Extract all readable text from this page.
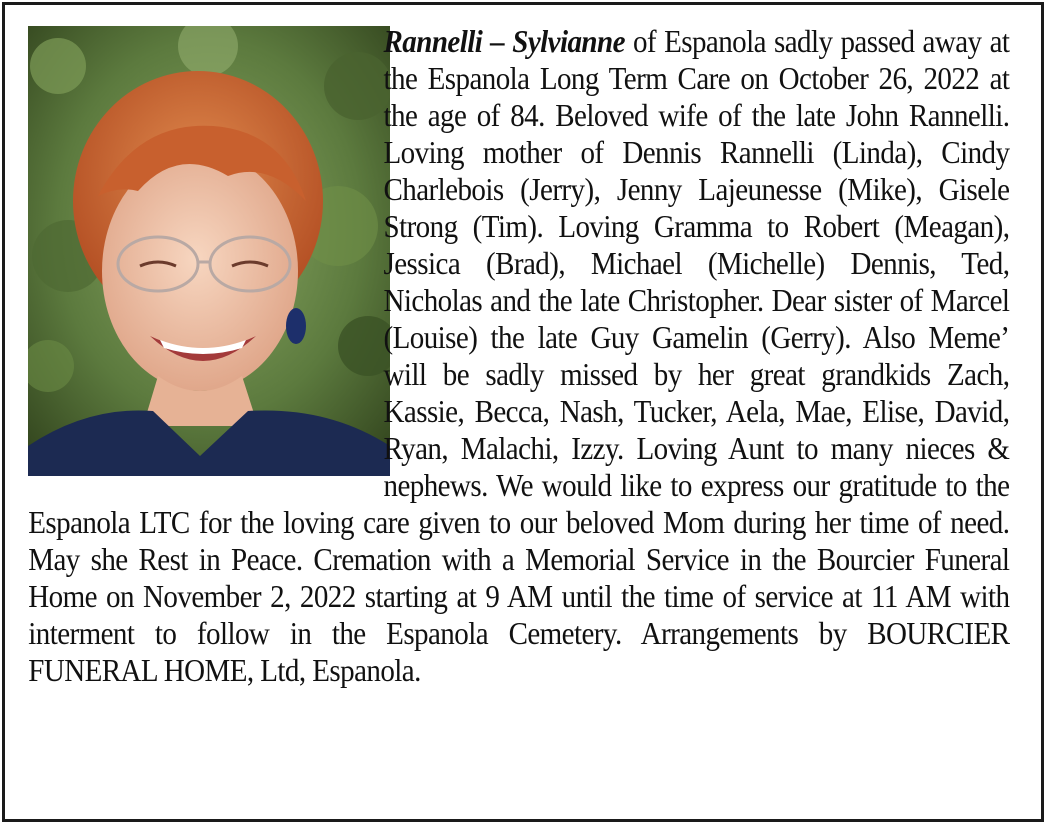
Rannelli – Sylvianne of Espanola sadly passed away at the Espanola Long Term Care on October 26, 2022 at the age of 84. Beloved wife of the late John Rannelli. Loving mother of Dennis Rannelli (Linda), Cindy Charlebois (Jerry), Jenny Lajeunesse (Mike), Gisele Strong (Tim). Loving Gramma to Robert (Meagan), Jessica (Brad), Michael (Michelle) Dennis, Ted, Nicholas and the late Christopher. Dear sister of Marcel (Louise) the late Guy Gamelin (Gerry). Also Meme’ will be sadly missed by her great grandkids Zach, Kassie, Becca, Nash, Tucker, Aela, Mae, Elise, David, Ryan, Malachi, Izzy. Loving Aunt to many nieces & nephews. We would like to express our gratitude to the Espanola LTC for the loving care given to our beloved Mom during her time of need. May she Rest in Peace. Cremation with a Memorial Service in the Bourcier Funeral Home on November 2, 2022 starting at 9 AM until the time of service at 11 AM with interment to follow in the Espanola Cemetery. Arrangements by BOURCIER FUNERAL HOME, Ltd, Espanola.
